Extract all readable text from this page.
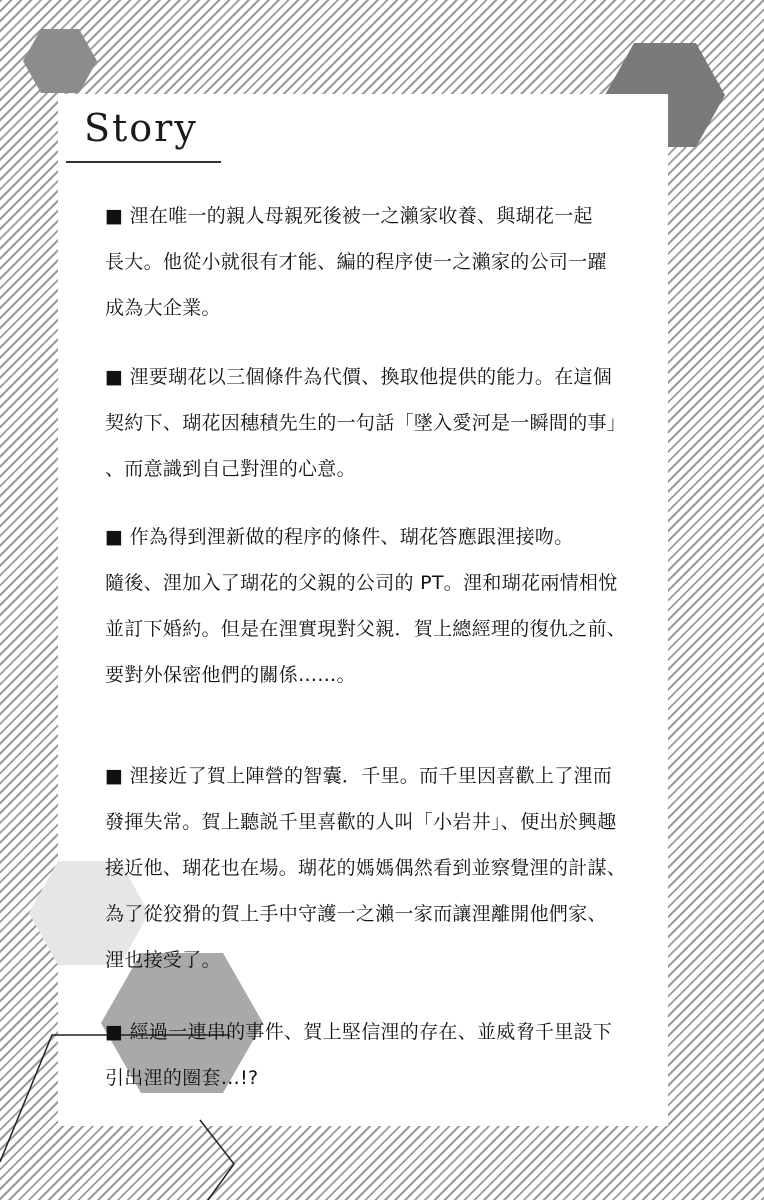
Story
■ 浬在唯一的親人母親死後被一之瀨家收養、與瑚花一起
長大。他從小就很有才能、編的程序使一之瀨家的公司一躍
成為大企業。
■ 浬要瑚花以三個條件為代價、換取他提供的能力。在這個
契約下、瑚花因穗積先生的一句話「墜入愛河是一瞬間的事」
、而意識到自己對浬的心意。
■ 作為得到浬新做的程序的條件、瑚花答應跟浬接吻。
隨後、浬加入了瑚花的父親的公司的 PT。浬和瑚花兩情相悅
並訂下婚約。但是在浬實現對父親．賀上總經理的復仇之前、
要對外保密他們的關係……。
■ 浬接近了賀上陣營的智囊．千里。而千里因喜歡上了浬而
發揮失常。賀上聽説千里喜歡的人叫「小岩井」、便出於興趣
接近他、瑚花也在場。瑚花的媽媽偶然看到並察覺浬的計謀、
為了從狡猾的賀上手中守護一之瀨一家而讓浬離開他們家、
浬也接受了。
■ 經過一連串的事件、賀上堅信浬的存在、並威脅千里設下
引出浬的圈套…!?
